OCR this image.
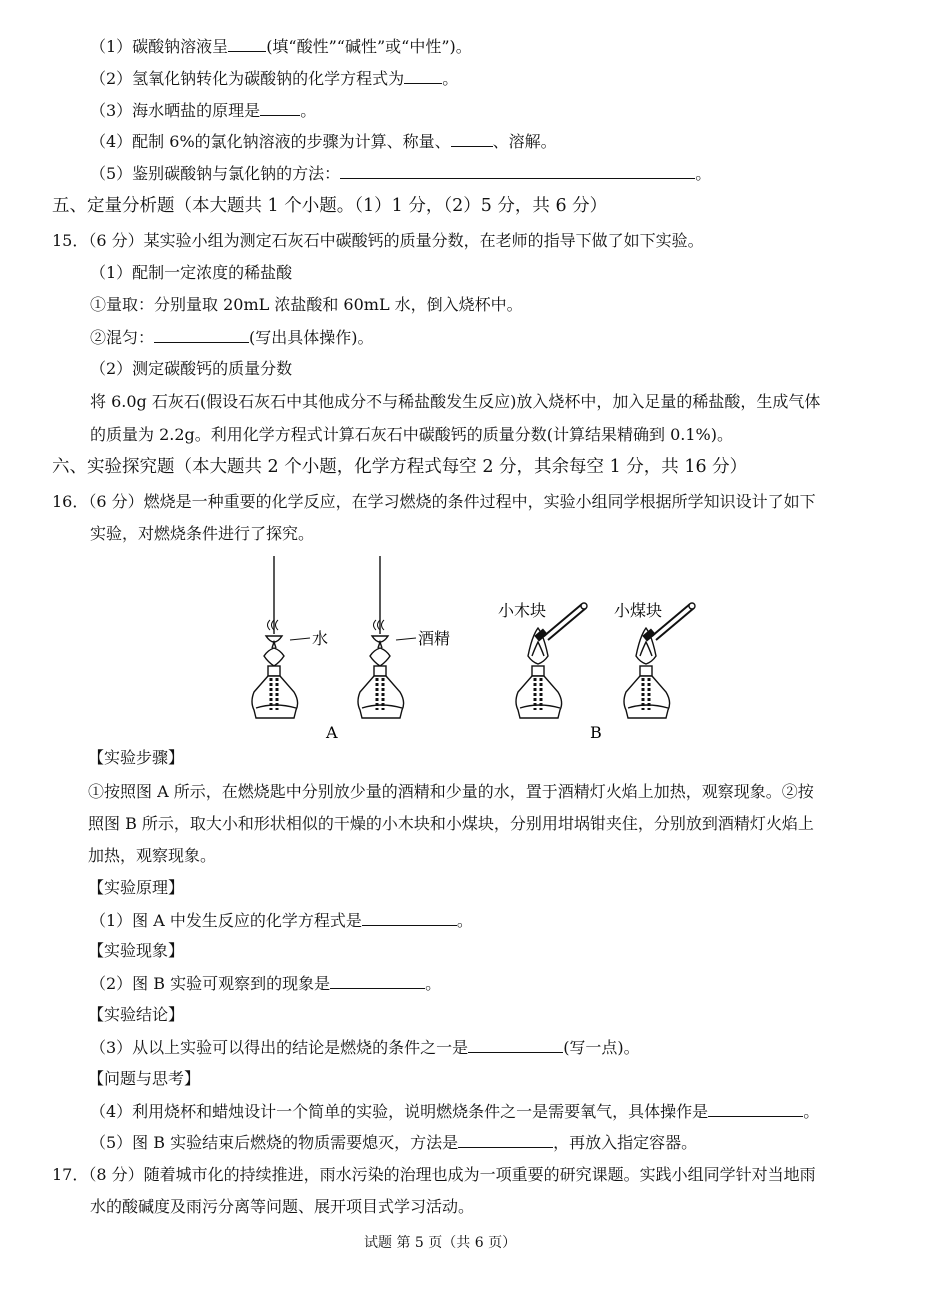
（1）碳酸钠溶液呈 (填“酸性”“碱性”或“中性”)。
（2）氢氧化钠转化为碳酸钠的化学方程式为 。
（3）海水晒盐的原理是	。
（4）配制 6%的氯化钠溶液的步骤为计算、称量、	、溶解。
（5）鉴别碳酸钠与氯化钠的方法：	。
五、定量分析题（本大题共 1 个小题。（1）1 分，（2）5 分，共 6 分）
15．（6 分）某实验小组为测定石灰石中碳酸钙的质量分数，在老师的指导下做了如下实验。
（1）配制一定浓度的稀盐酸
①量取：分别量取 20mL 浓盐酸和 60mL 水，倒入烧杯中。
②混匀：	(写出具体操作)。
（2）测定碳酸钙的质量分数
将 6.0g 石灰石(假设石灰石中其他成分不与稀盐酸发生反应)放入烧杯中，加入足量的稀盐酸，生成气体
的质量为 2.2g。利用化学方程式计算石灰石中碳酸钙的质量分数(计算结果精确到 0.1%)。
六、实验探究题（本大题共 2 个小题，化学方程式每空 2 分，其余每空 1 分，共 16 分）
16．（6 分）燃烧是一种重要的化学反应，在学习燃烧的条件过程中，实验小组同学根据所学知识设计了如下
实验，对燃烧条件进行了探究。
水	酒精
小木块	小煤块
A	B
【实验步骤】
①按照图 A 所示，在燃烧匙中分别放少量的酒精和少量的水，置于酒精灯火焰上加热，观察现象。②按
照图 B 所示，取大小和形状相似的干燥的小木块和小煤块，分别用坩埚钳夹住，分别放到酒精灯火焰上
加热，观察现象。
【实验原理】
（1）图 A 中发生反应的化学方程式是	。
【实验现象】
（2）图 B 实验可观察到的现象是	。
【实验结论】
（3）从以上实验可以得出的结论是燃烧的条件之一是	(写一点)。
【问题与思考】
（4）利用烧杯和蜡烛设计一个简单的实验，说明燃烧条件之一是需要氧气，具体操作是	。
（5）图 B 实验结束后燃烧的物质需要熄灭，方法是	，再放入指定容器。
17．（8 分）随着城市化的持续推进，雨水污染的治理也成为一项重要的研究课题。实践小组同学针对当地雨
水的酸碱度及雨污分离等问题、展开项目式学习活动。
试题 第 5 页（共 6 页）
